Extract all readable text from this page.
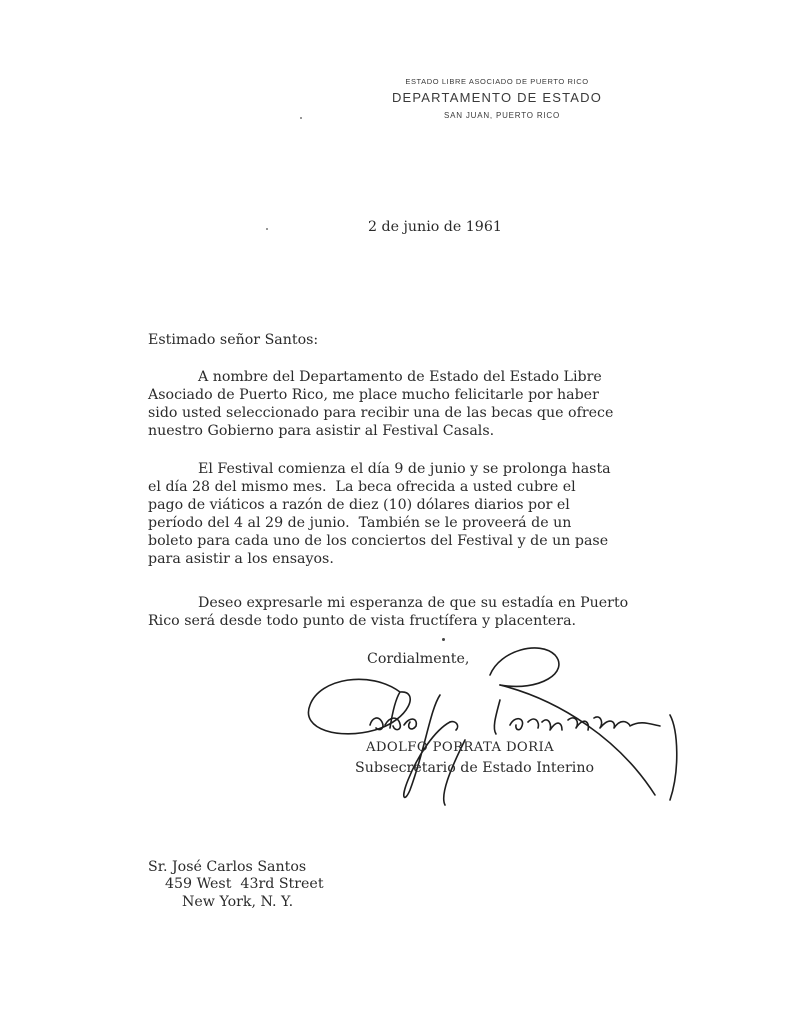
ESTADO LIBRE ASOCIADO DE PUERTO RICO
DEPARTAMENTO DE ESTADO
SAN JUAN, PUERTO RICO
2 de junio de 1961
Estimado señor Santos:
A nombre del Departamento de Estado del Estado Libre
Asociado de Puerto Rico, me place mucho felicitarle por haber
sido usted seleccionado para recibir una de las becas que ofrece
nuestro Gobierno para asistir al Festival Casals.
El Festival comienza el día 9 de junio y se prolonga hasta
el día 28 del mismo mes.  La beca ofrecida a usted cubre el
pago de viáticos a razón de diez (10) dólares diarios por el
período del 4 al 29 de junio.  También se le proveerá de un
boleto para cada uno de los conciertos del Festival y de un pase
para asistir a los ensayos.
Deseo expresarle mi esperanza de que su estadía en Puerto
Rico será desde todo punto de vista fructífera y placentera.
Cordialmente,
ADOLFO PORRATA DORIA
Subsecretario de Estado Interino
Sr. José Carlos Santos
459 West  43rd Street
New York, N. Y.
